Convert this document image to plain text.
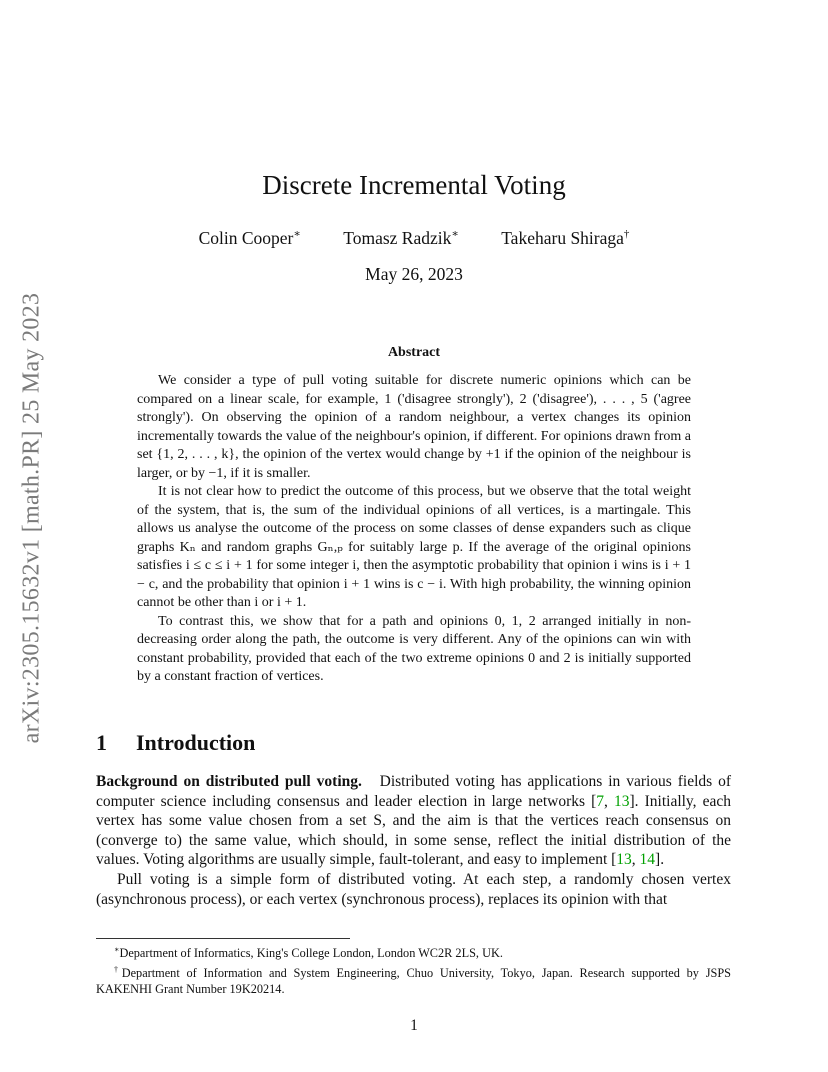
arXiv:2305.15632v1 [math.PR] 25 May 2023
Discrete Incremental Voting
Colin Cooper∗ Tomasz Radzik∗ Takeharu Shiraga†
May 26, 2023
Abstract

We consider a type of pull voting suitable for discrete numeric opinions which can be compared on a linear scale, for example, 1 ('disagree strongly'), 2 ('disagree'), . . . , 5 ('agree strongly'). On observing the opinion of a random neighbour, a vertex changes its opinion incrementally towards the value of the neighbour's opinion, if different. For opinions drawn from a set {1, 2, . . . , k}, the opinion of the vertex would change by +1 if the opinion of the neighbour is larger, or by −1, if it is smaller.

It is not clear how to predict the outcome of this process, but we observe that the total weight of the system, that is, the sum of the individual opinions of all vertices, is a martingale. This allows us analyse the outcome of the process on some classes of dense expanders such as clique graphs Kₙ and random graphs Gₙ,ₚ for suitably large p. If the average of the original opinions satisfies i ≤ c ≤ i + 1 for some integer i, then the asymptotic probability that opinion i wins is i + 1 − c, and the probability that opinion i + 1 wins is c − i. With high probability, the winning opinion cannot be other than i or i + 1.

To contrast this, we show that for a path and opinions 0, 1, 2 arranged initially in non-decreasing order along the path, the outcome is very different. Any of the opinions can win with constant probability, provided that each of the two extreme opinions 0 and 2 is initially supported by a constant fraction of vertices.

1 Introduction

Background on distributed pull voting. Distributed voting has applications in various fields of computer science including consensus and leader election in large networks [7, 13]. Initially, each vertex has some value chosen from a set S, and the aim is that the vertices reach consensus on (converge to) the same value, which should, in some sense, reflect the initial distribution of the values. Voting algorithms are usually simple, fault-tolerant, and easy to implement [13, 14].

Pull voting is a simple form of distributed voting. At each step, a randomly chosen vertex (asynchronous process), or each vertex (synchronous process), replaces its opinion with that

∗Department of Informatics, King's College London, London WC2R 2LS, UK.

†Department of Information and System Engineering, Chuo University, Tokyo, Japan. Research supported by JSPS KAKENHI Grant Number 19K20214.

1
